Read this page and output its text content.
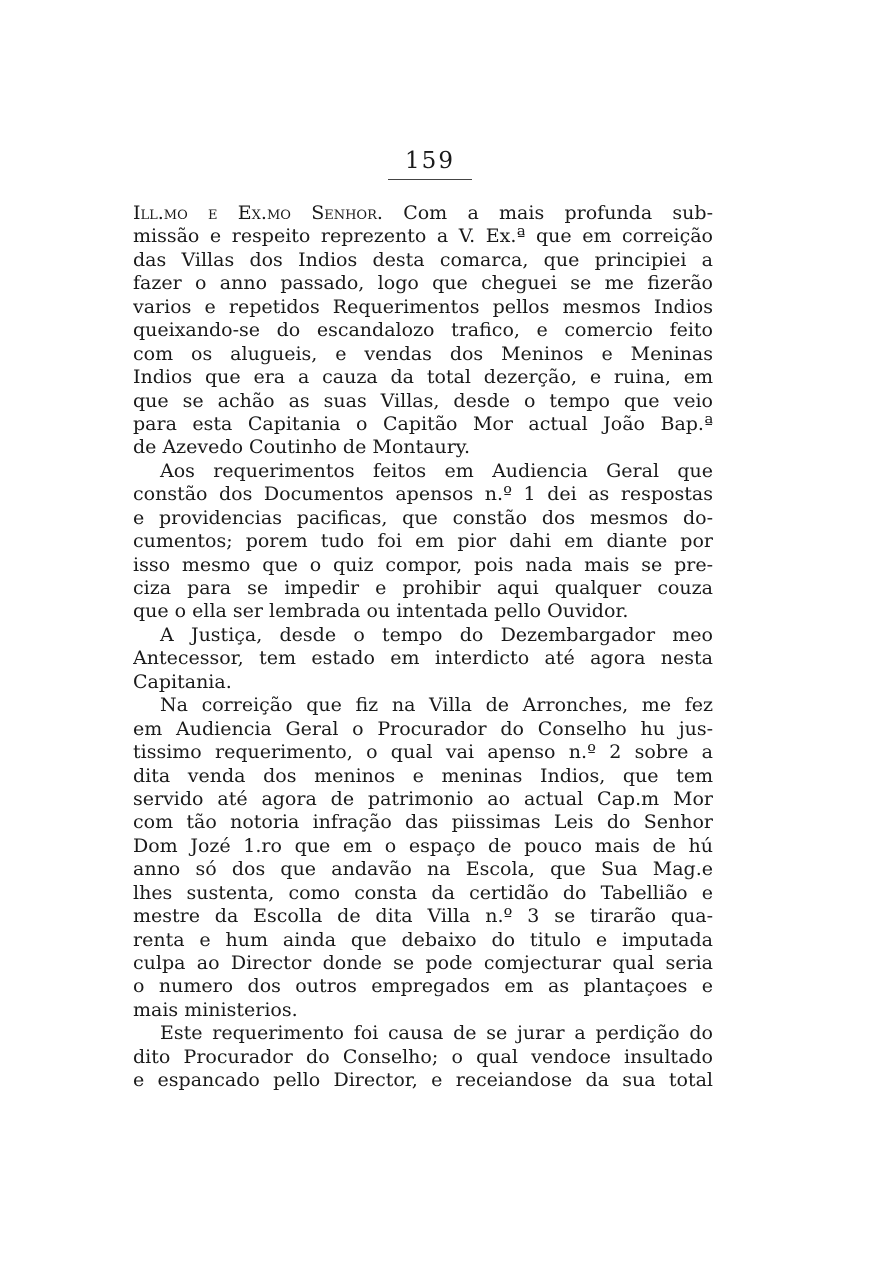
159
Ill.mo e Ex.mo Senhor. Com a mais profunda sub-
missão e respeito reprezento a V. Ex.ª que em correição
das Villas dos Indios desta comarca, que principiei a
fazer o anno passado, logo que cheguei se me fizerão
varios e repetidos Requerimentos pellos mesmos Indios
queixando-se do escandalozo trafico, e comercio feito
com os alugueis, e vendas dos Meninos e Meninas
Indios que era a cauza da total dezerção, e ruina, em
que se achão as suas Villas, desde o tempo que veio
para esta Capitania o Capitão Mor actual João Bap.ª
de Azevedo Coutinho de Montaury.
Aos requerimentos feitos em Audiencia Geral que
constão dos Documentos apensos n.º 1 dei as respostas
e providencias pacificas, que constão dos mesmos do-
cumentos; porem tudo foi em pior dahi em diante por
isso mesmo que o quiz compor, pois nada mais se pre-
ciza para se impedir e prohibir aqui qualquer couza
que o ella ser lembrada ou intentada pello Ouvidor.
A Justiça, desde o tempo do Dezembargador meo
Antecessor, tem estado em interdicto até agora nesta
Capitania.
Na correição que fiz na Villa de Arronches, me fez
em Audiencia Geral o Procurador do Conselho hu jus-
tissimo requerimento, o qual vai apenso n.º 2 sobre a
dita venda dos meninos e meninas Indios, que tem
servido até agora de patrimonio ao actual Cap.m Mor
com tão notoria infração das piissimas Leis do Senhor
Dom Jozé 1.ro que em o espaço de pouco mais de hú
anno só dos que andavão na Escola, que Sua Mag.e
lhes sustenta, como consta da certidão do Tabellião e
mestre da Escolla de dita Villa n.º 3 se tirarão qua-
renta e hum ainda que debaixo do titulo e imputada
culpa ao Director donde se pode comjecturar qual seria
o numero dos outros empregados em as plantaçoes e
mais ministerios.
Este requerimento foi causa de se jurar a perdição do
dito Procurador do Conselho; o qual vendoce insultado
e espancado pello Director, e receiandose da sua total
